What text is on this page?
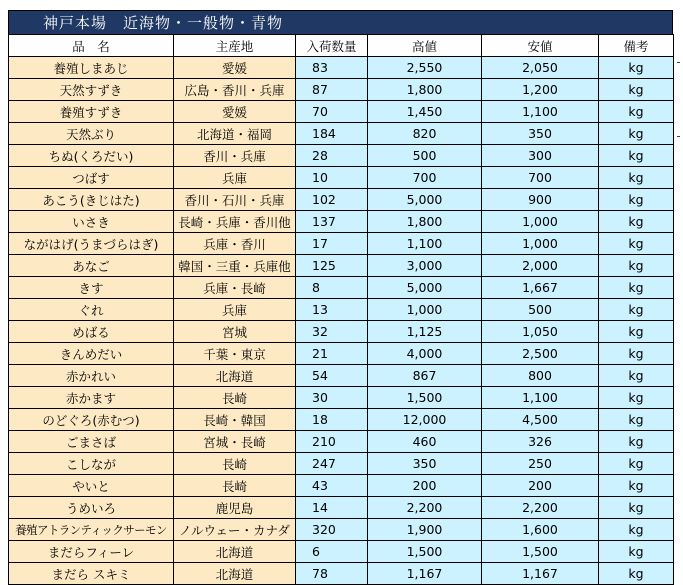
神戸本場　近海物・一般物・青物
品　名	主産地	入荷数量	高値	安値	備考
養殖しまあじ	愛媛	83	2,550	2,050	kg
天然すずき	広島・香川・兵庫	87	1,800	1,200	kg
養殖すずき	愛媛	70	1,450	1,100	kg
天然ぶり	北海道・福岡	184	820	350	kg
ちぬ(くろだい)	香川・兵庫	28	500	300	kg
つばす	兵庫	10	700	700	kg
あこう(きじはた)	香川・石川・兵庫	102	5,000	900	kg
いさき	長崎・兵庫・香川他	137	1,800	1,000	kg
ながはげ(うまづらはぎ)	兵庫・香川	17	1,100	1,000	kg
あなご	韓国・三重・兵庫他	125	3,000	2,000	kg
きす	兵庫・長崎	8	5,000	1,667	kg
ぐれ	兵庫	13	1,000	500	kg
めばる	宮城	32	1,125	1,050	kg
きんめだい	千葉・東京	21	4,000	2,500	kg
赤かれい	北海道	54	867	800	kg
赤かます	長崎	30	1,500	1,100	kg
のどぐろ(赤むつ)	長崎・韓国	18	12,000	4,500	kg
ごまさば	宮城・長崎	210	460	326	kg
こしなが	長崎	247	350	250	kg
やいと	長崎	43	200	200	kg
うめいろ	鹿児島	14	2,200	2,200	kg
養殖アトランティックサーモン	ノルウェー・カナダ	320	1,900	1,600	kg
まだらフィーレ	北海道	6	1,500	1,500	kg
まだら スキミ	北海道	78	1,167	1,167	kg
